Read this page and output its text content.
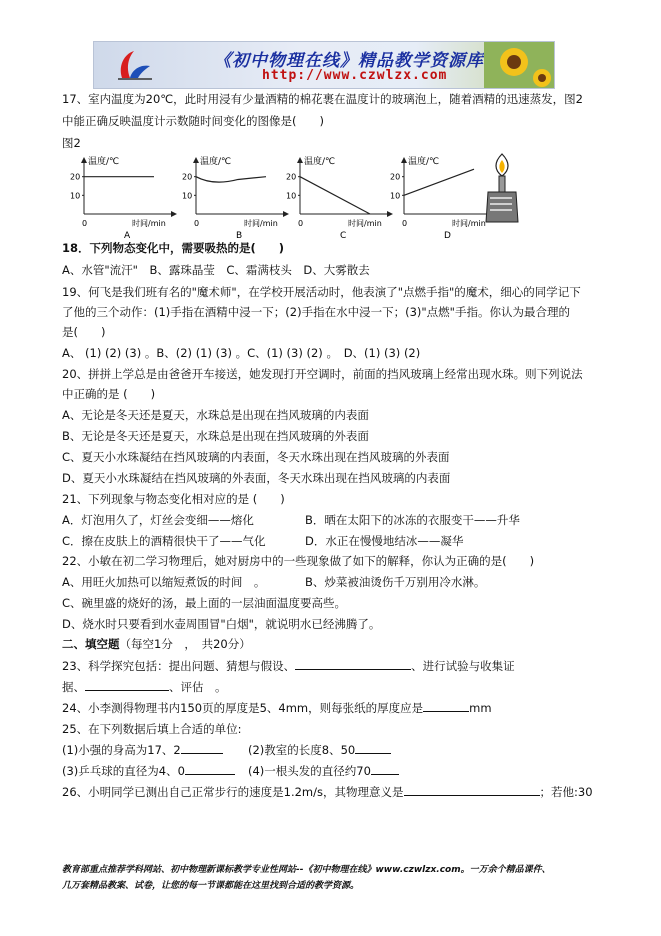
《初中物理在线》精品教学资源库
http://www.czwlzx.com
17、室内温度为20℃，此时用浸有少量酒精的棉花裹在温度计的玻璃泡上，随着酒精的迅速蒸发，图2
中能正确反映温度计示数随时间变化的图像是(　　)
图2
温度/℃
时间/min
0
10
20
A
温度/℃
时间/min
0
10
20
B
温度/℃
时间/min
0
10
20
C
温度/℃
时间/min
0
10
20
D
18．下列物态变化中，需要吸热的是(　　)
A、水管"流汗"　B、露珠晶莹　C、霜满枝头　D、大雾散去
19、何飞是我们班有名的"魔术师"，在学校开展活动时，他表演了"点燃手指"的魔术，细心的同学记下
了他的三个动作：(1)手指在酒精中浸一下；(2)手指在水中浸一下；(3)"点燃"手指。你认为最合理的
是(　　)
A、 (1) (2) (3) 。B、(2) (1) (3) 。C、(1) (3) (2) 。　D、(1) (3) (2)
20、拼拼上学总是由爸爸开车接送，她发现打开空调时，前面的挡风玻璃上经常出现水珠。则下列说法
中正确的是 (　　)
A、无论是冬天还是夏天，水珠总是出现在挡风玻璃的内表面
B、无论是冬天还是夏天，水珠总是出现在挡风玻璃的外表面
C、夏天小水珠凝结在挡风玻璃的内表面，冬天水珠出现在挡风玻璃的外表面
D、夏天小水珠凝结在挡风玻璃的外表面，冬天水珠出现在挡风玻璃的内表面
21、下列现象与物态变化相对应的是 (　　)
A．灯泡用久了，灯丝会变细——熔化	B．晒在太阳下的冰冻的衣服变干——升华
C．擦在皮肤上的酒精很快干了——气化	D．水正在慢慢地结冰——凝华
22、小敏在初二学习物理后，她对厨房中的一些现象做了如下的解释，你认为正确的是(　　)
A、用旺火加热可以缩短煮饭的时间　。	B、炒菜被油烫伤千万别用冷水淋。
C、碗里盛的烧好的汤，最上面的一层油面温度要高些。
D、烧水时只要看到水壶周围冒"白烟"，就说明水已经沸腾了。
二、填空题（每空1分　，　共20分）
23、科学探究包括：提出问题、猜想与假设、	、进行试验与收集证
据、	、评估　。
24、小李测得物理书内150页的厚度是5、4mm，则每张纸的厚度应是	mm
25、在下列数据后填上合适的单位:
(1)小强的身高为17、2	(2)教室的长度8、50
(3)乒乓球的直径为4、0	(4)一根头发的直径约70
26、小明同学已测出自己正常步行的速度是1.2m/s，其物理意义是	；若他:30
教育部重点推荐学科网站、初中物理新课标教学专业性网站--《初中物理在线》www.czwlzx.com。一万余个精品课件、
几万套精品教案、试卷，让您的每一节课都能在这里找到合适的教学资源。
